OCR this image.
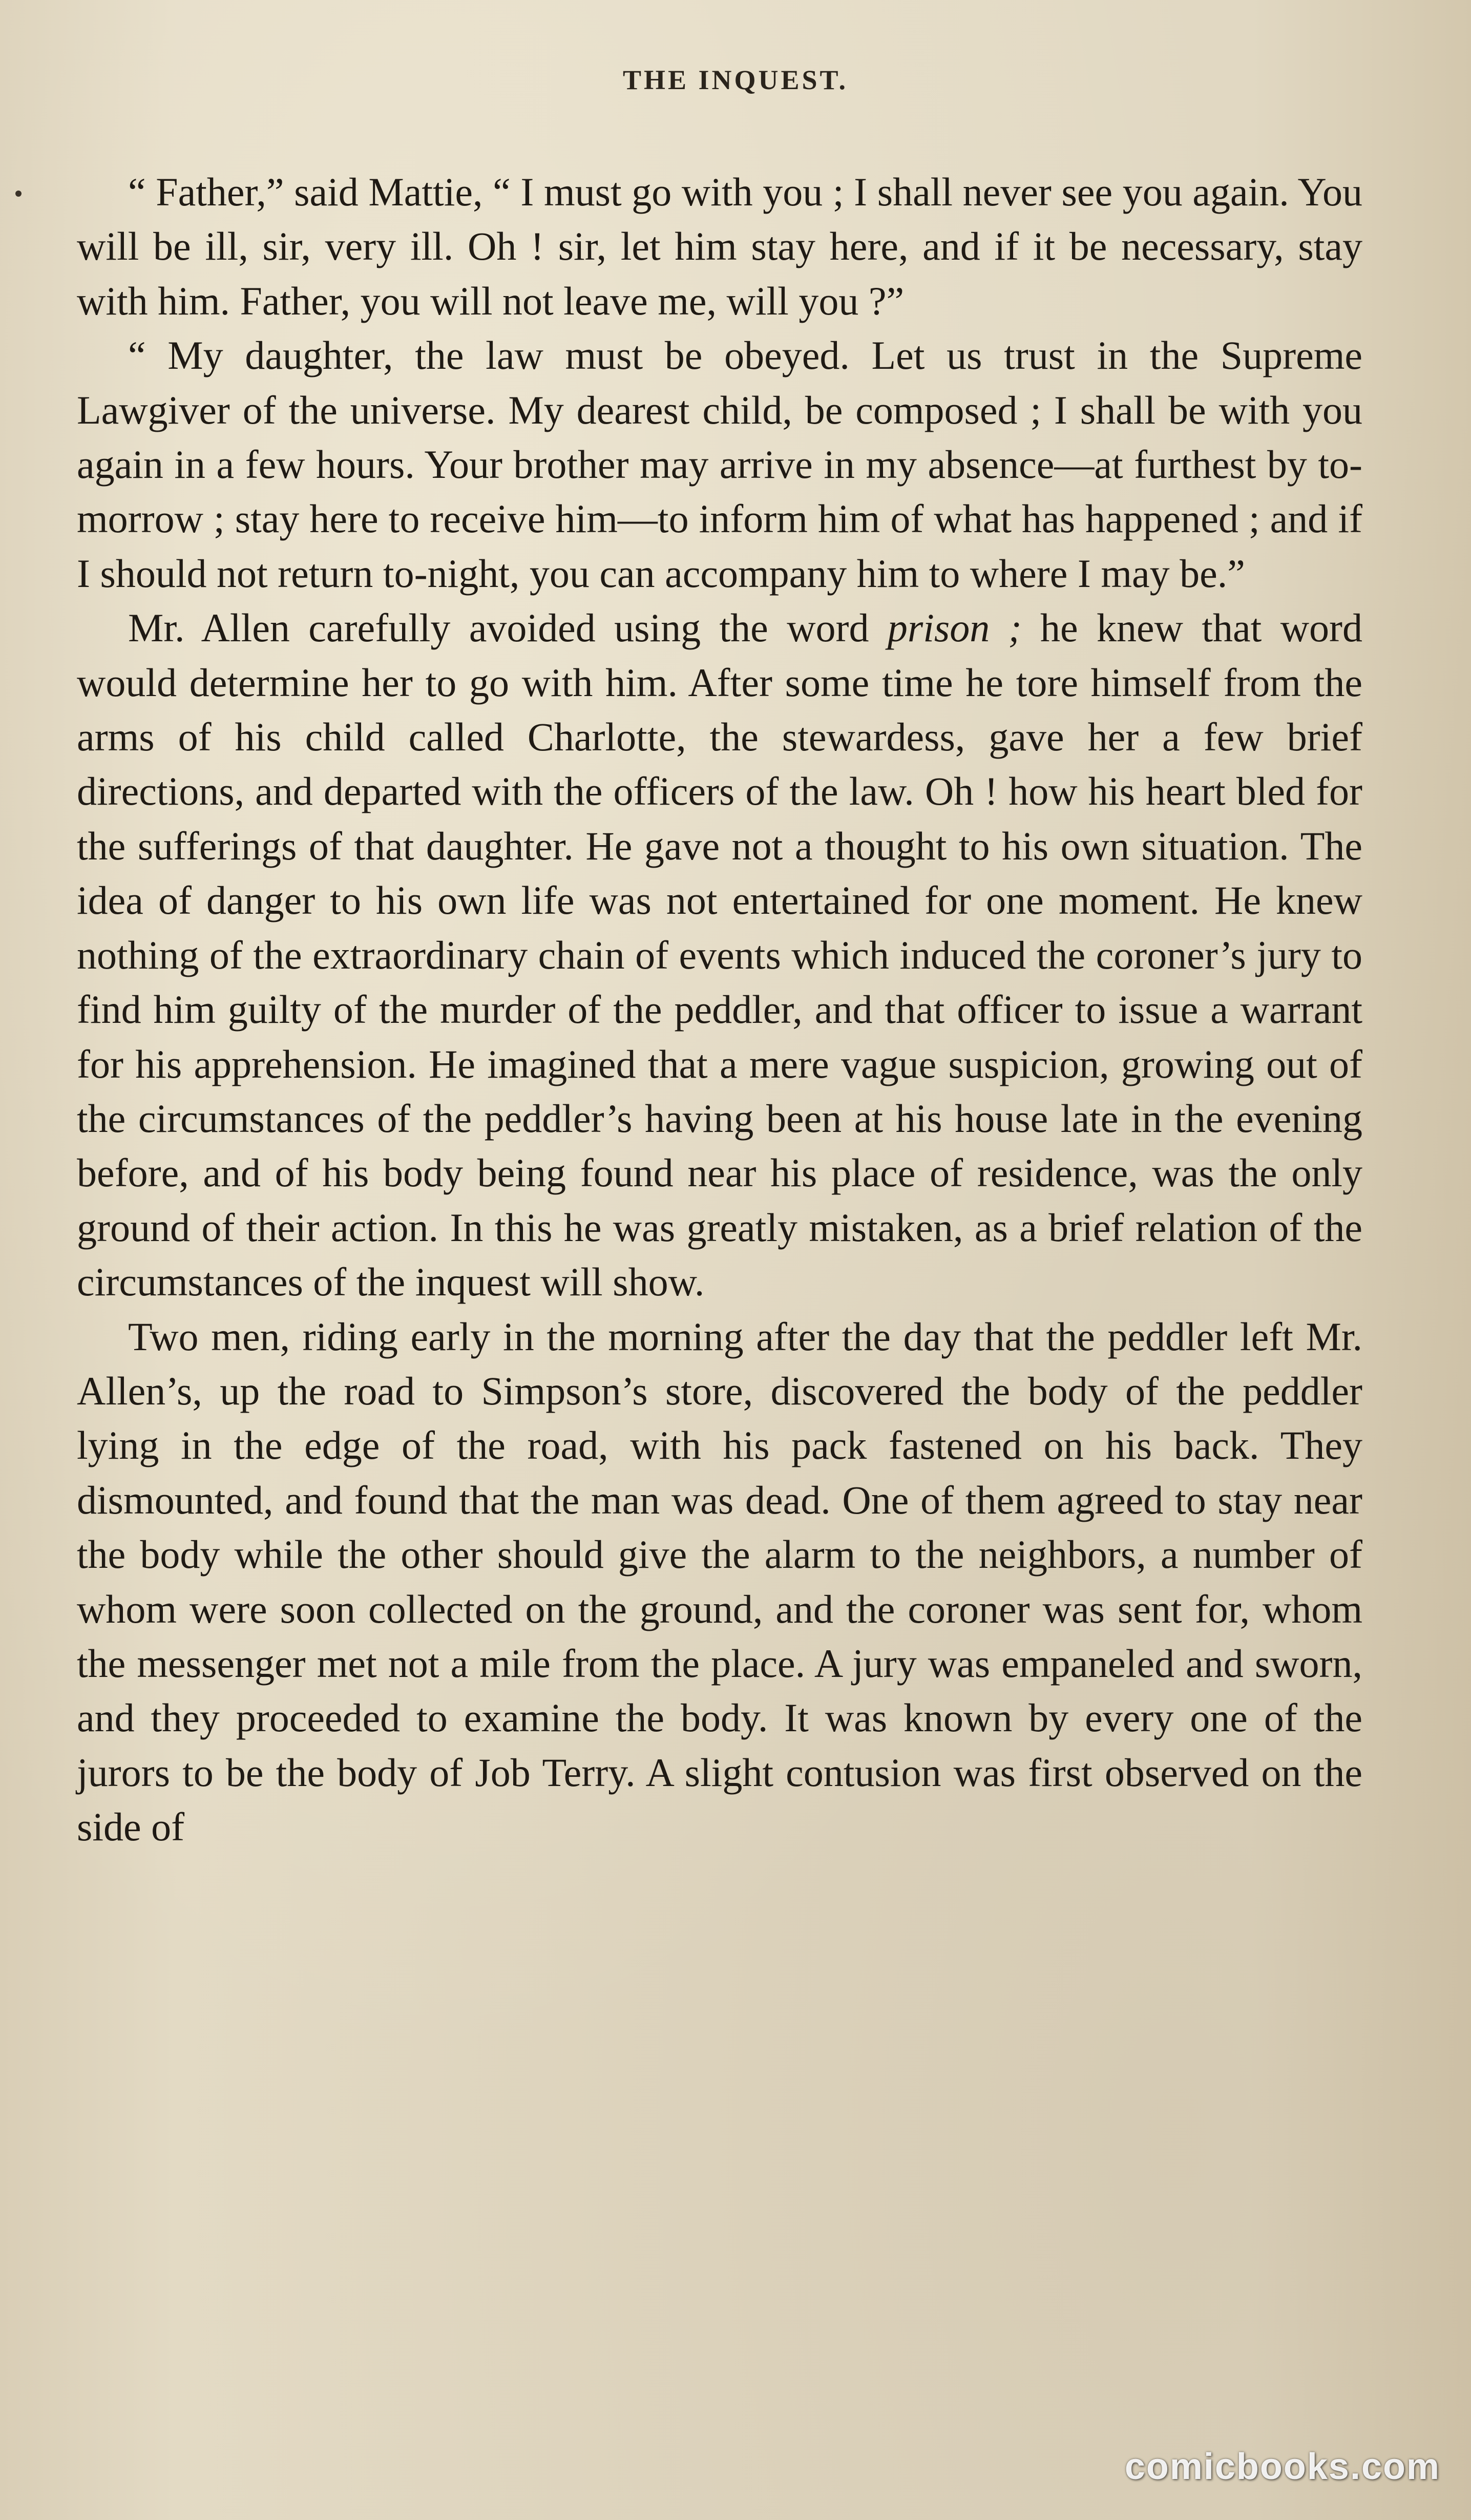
THE INQUEST.

“ Father,” said Mattie, “ I must go with you ; I shall never see you again. You will be ill, sir, very ill. Oh ! sir, let him stay here, and if it be necessary, stay with him. Father, you will not leave me, will you ?”

“ My daughter, the law must be obeyed. Let us trust in the Supreme Lawgiver of the universe. My dearest child, be composed ; I shall be with you again in a few hours. Your brother may arrive in my absence—at furthest by to-morrow ; stay here to receive him—to inform him of what has happened ; and if I should not return to-night, you can accompany him to where I may be.”

Mr. Allen carefully avoided using the word prison ; he knew that word would determine her to go with him. After some time he tore himself from the arms of his child called Charlotte, the stewardess, gave her a few brief directions, and departed with the officers of the law. Oh ! how his heart bled for the sufferings of that daughter. He gave not a thought to his own situation. The idea of danger to his own life was not entertained for one moment. He knew nothing of the extraordinary chain of events which induced the coroner’s jury to find him guilty of the murder of the peddler, and that officer to issue a warrant for his apprehension. He imagined that a mere vague suspicion, growing out of the circumstances of the peddler’s having been at his house late in the evening before, and of his body being found near his place of residence, was the only ground of their action. In this he was greatly mistaken, as a brief relation of the circumstances of the inquest will show.

Two men, riding early in the morning after the day that the peddler left Mr. Allen’s, up the road to Simpson’s store, discovered the body of the peddler lying in the edge of the road, with his pack fastened on his back. They dismounted, and found that the man was dead. One of them agreed to stay near the body while the other should give the alarm to the neighbors, a number of whom were soon collected on the ground, and the coroner was sent for, whom the messenger met not a mile from the place. A jury was empaneled and sworn, and they proceeded to examine the body. It was known by every one of the jurors to be the body of Job Terry. A slight contusion was first observed on the side of

comicbooks.com
